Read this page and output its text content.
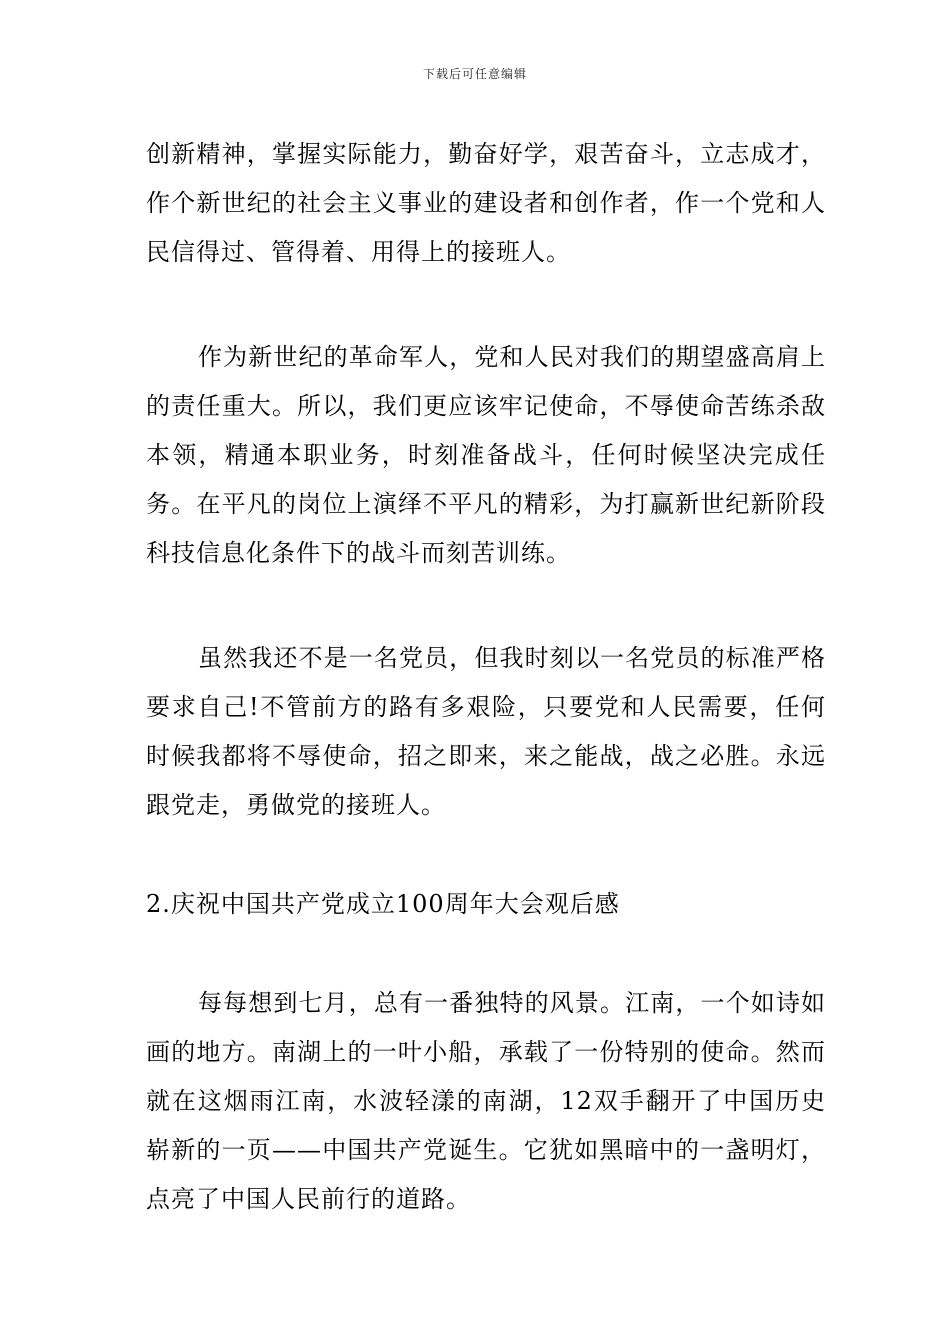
下载后可任意编辑

创新精神，掌握实际能力，勤奋好学，艰苦奋斗，立志成才，作个新世纪的社会主义事业的建设者和创作者，作一个党和人民信得过、管得着、用得上的接班人。

作为新世纪的革命军人，党和人民对我们的期望盛高肩上的责任重大。所以，我们更应该牢记使命，不辱使命苦练杀敌本领，精通本职业务，时刻准备战斗，任何时候坚决完成任务。在平凡的岗位上演绎不平凡的精彩，为打赢新世纪新阶段科技信息化条件下的战斗而刻苦训练。

虽然我还不是一名党员，但我时刻以一名党员的标准严格要求自己!不管前方的路有多艰险，只要党和人民需要，任何时候我都将不辱使命，招之即来，来之能战，战之必胜。永远跟党走，勇做党的接班人。

2.庆祝中国共产党成立100周年大会观后感

每每想到七月，总有一番独特的风景。江南，一个如诗如画的地方。南湖上的一叶小船，承载了一份特别的使命。然而就在这烟雨江南，水波轻漾的南湖，12双手翻开了中国历史崭新的一页——中国共产党诞生。它犹如黑暗中的一盏明灯，点亮了中国人民前行的道路。
